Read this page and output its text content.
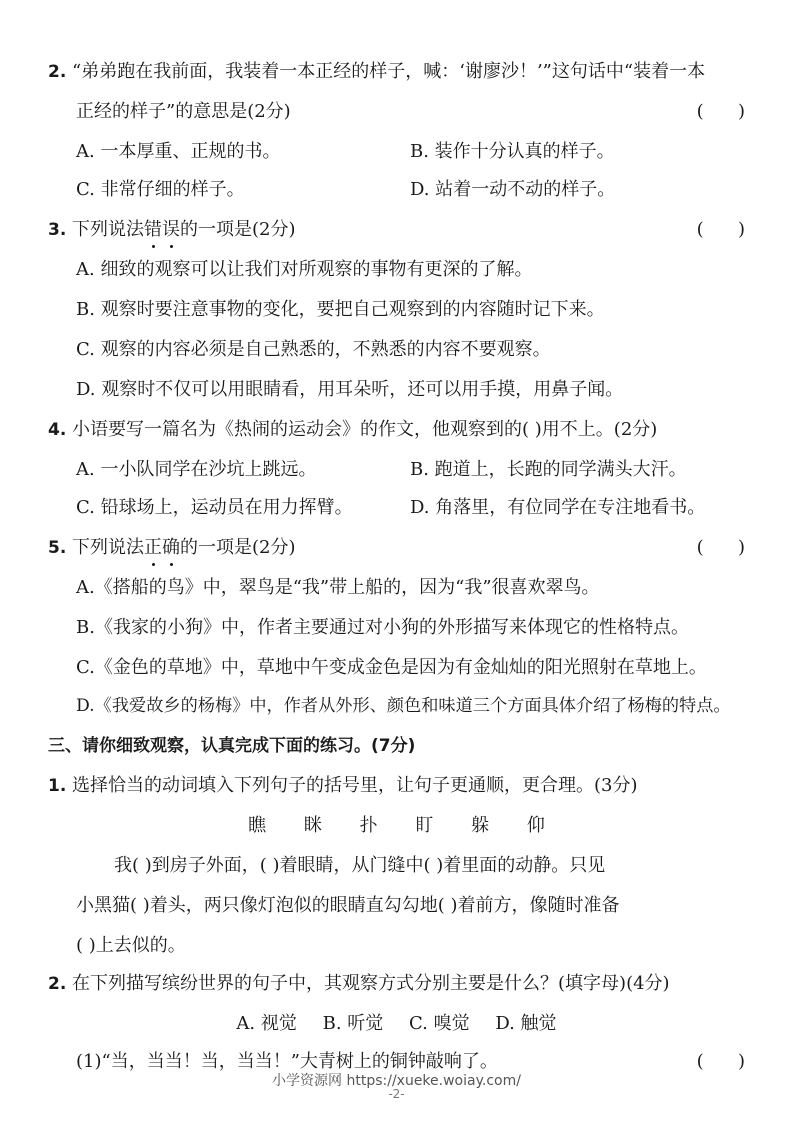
2. “弟弟跑在我前面，我装着一本正经的样子，喊：‘谢廖沙！’”这句话中“装着一本
正经的样子”的意思是(2分)	(      )
A. 一本厚重、正规的书。	B. 装作十分认真的样子。
C. 非常仔细的样子。	D. 站着一动不动的样子。
3. 下列说法错误的一项是(2分)	(      )
A. 细致的观察可以让我们对所观察的事物有更深的了解。
B. 观察时要注意事物的变化，要把自己观察到的内容随时记下来。
C. 观察的内容必须是自己熟悉的，不熟悉的内容不要观察。
D. 观察时不仅可以用眼睛看，用耳朵听，还可以用手摸，用鼻子闻。
4. 小语要写一篇名为《热闹的运动会》的作文，他观察到的( )用不上。(2分)
A. 一小队同学在沙坑上跳远。	B. 跑道上，长跑的同学满头大汗。
C. 铅球场上，运动员在用力挥臂。	D. 角落里，有位同学在专注地看书。
5. 下列说法正确的一项是(2分)	(      )
A.《搭船的鸟》中，翠鸟是“我”带上船的，因为“我”很喜欢翠鸟。
B.《我家的小狗》中，作者主要通过对小狗的外形描写来体现它的性格特点。
C.《金色的草地》中，草地中午变成金色是因为有金灿灿的阳光照射在草地上。
D.《我爱故乡的杨梅》中，作者从外形、颜色和味道三个方面具体介绍了杨梅的特点。
三、请你细致观察，认真完成下面的练习。(7分)
1. 选择恰当的动词填入下列句子的括号里，让句子更通顺，更合理。(3分)
瞧 眯 扑 盯 躲 仰
我( )到房子外面，( )着眼睛，从门缝中( )着里面的动静。只见
小黑猫( )着头，两只像灯泡似的眼睛直勾勾地( )着前方，像随时准备
( )上去似的。
2. 在下列描写缤纷世界的句子中，其观察方式分别主要是什么？(填字母)(4分)
A. 视觉 B. 听觉 C. 嗅觉 D. 触觉
(1)“当，当当！当，当当！”大青树上的铜钟敲响了。	(      )
小学资源网 https://xueke.woiay.com/
-2-
